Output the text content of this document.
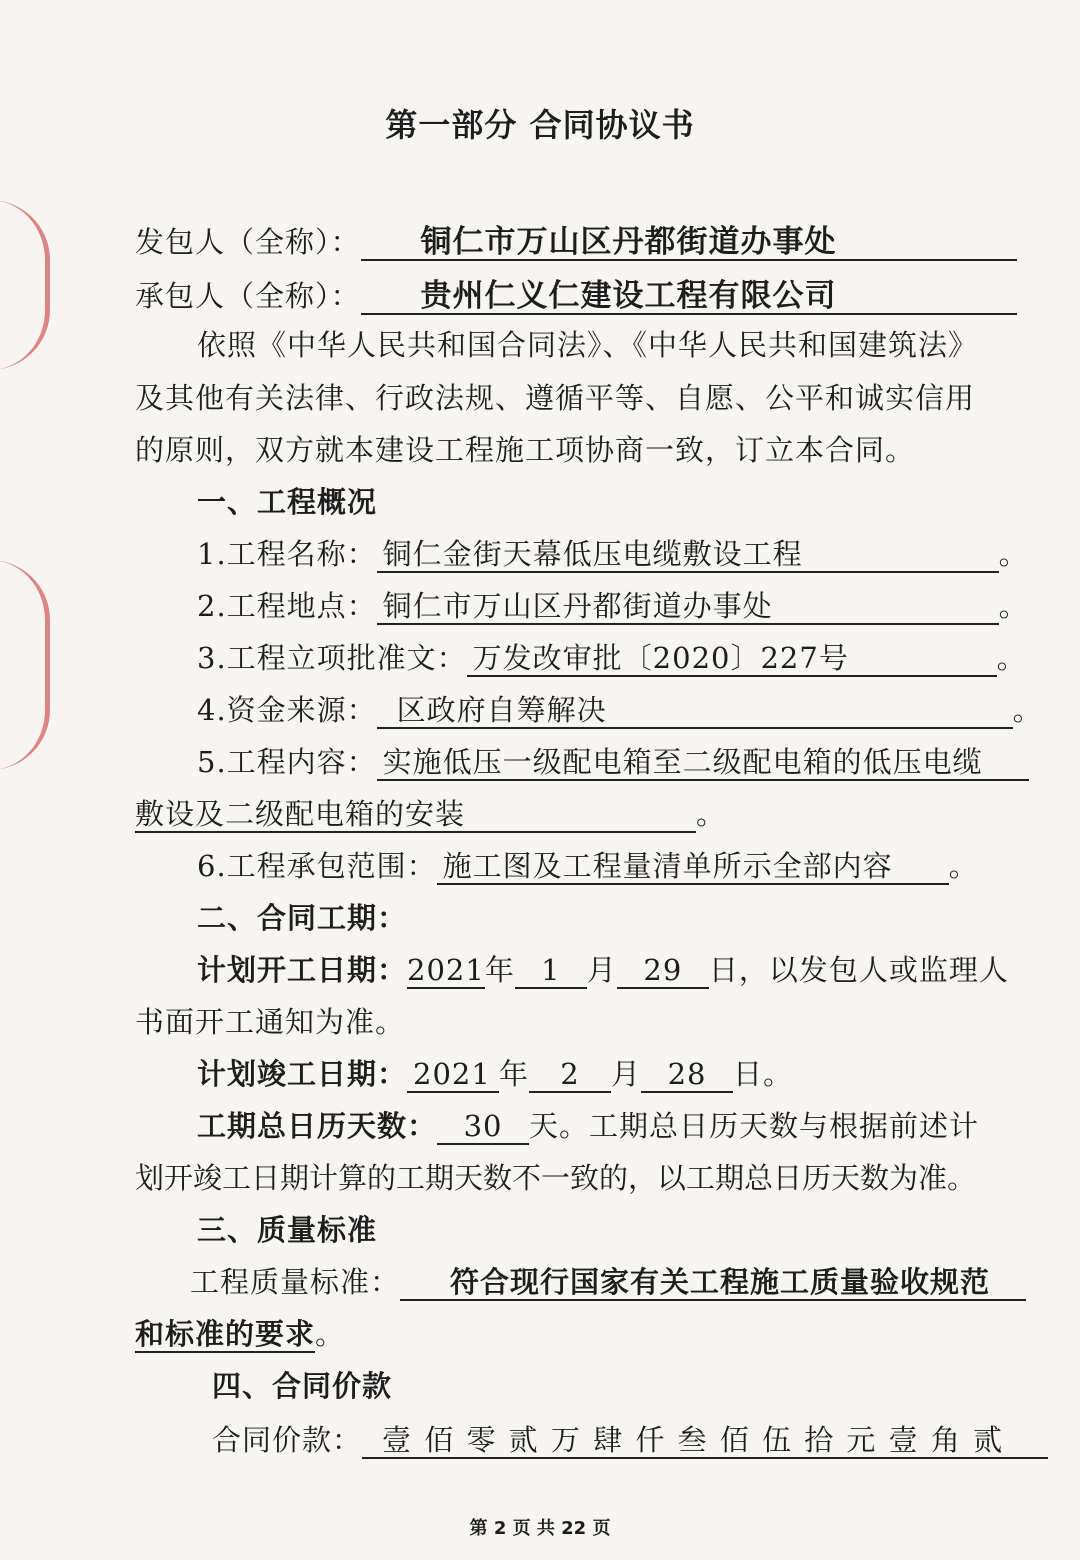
第一部分 合同协议书
发包人（全称）： 铜仁市万山区丹都街道办事处
承包人（全称）： 贵州仁义仁建设工程有限公司
依照《中华人民共和国合同法》、《中华人民共和国建筑法》
及其他有关法律、行政法规、遵循平等、自愿、公平和诚实信用
的原则，双方就本建设工程施工项协商一致，订立本合同。
一、工程概况
1.工程名称： 铜仁金街天幕低压电缆敷设工程	。
2.工程地点： 铜仁市万山区丹都街道办事处	。
3.工程立项批准文： 万发改审批〔2020〕227号	。
4.资金来源： 区政府自筹解决	。
5.工程内容： 实施低压一级配电箱至二级配电箱的低压电缆
敷设及二级配电箱的安装	。
6.工程承包范围： 施工图及工程量清单所示全部内容 。
二、合同工期：
计划开工日期：2021年 1 月 29 日，以发包人或监理人
书面开工通知为准。
计划竣工日期： 2021 年 2 月 28 日。
工期总日历天数： 30 天。工期总日历天数与根据前述计
划开竣工日期计算的工期天数不一致的，以工期总日历天数为准。
三、质量标准
工程质量标准： 符合现行国家有关工程施工质量验收规范
和标准的要求。
四、合同价款
合同价款： 壹 佰 零 贰 万 肆 仟 叁 佰 伍 拾 元 壹 角 贰
第 2 页 共 22 页
